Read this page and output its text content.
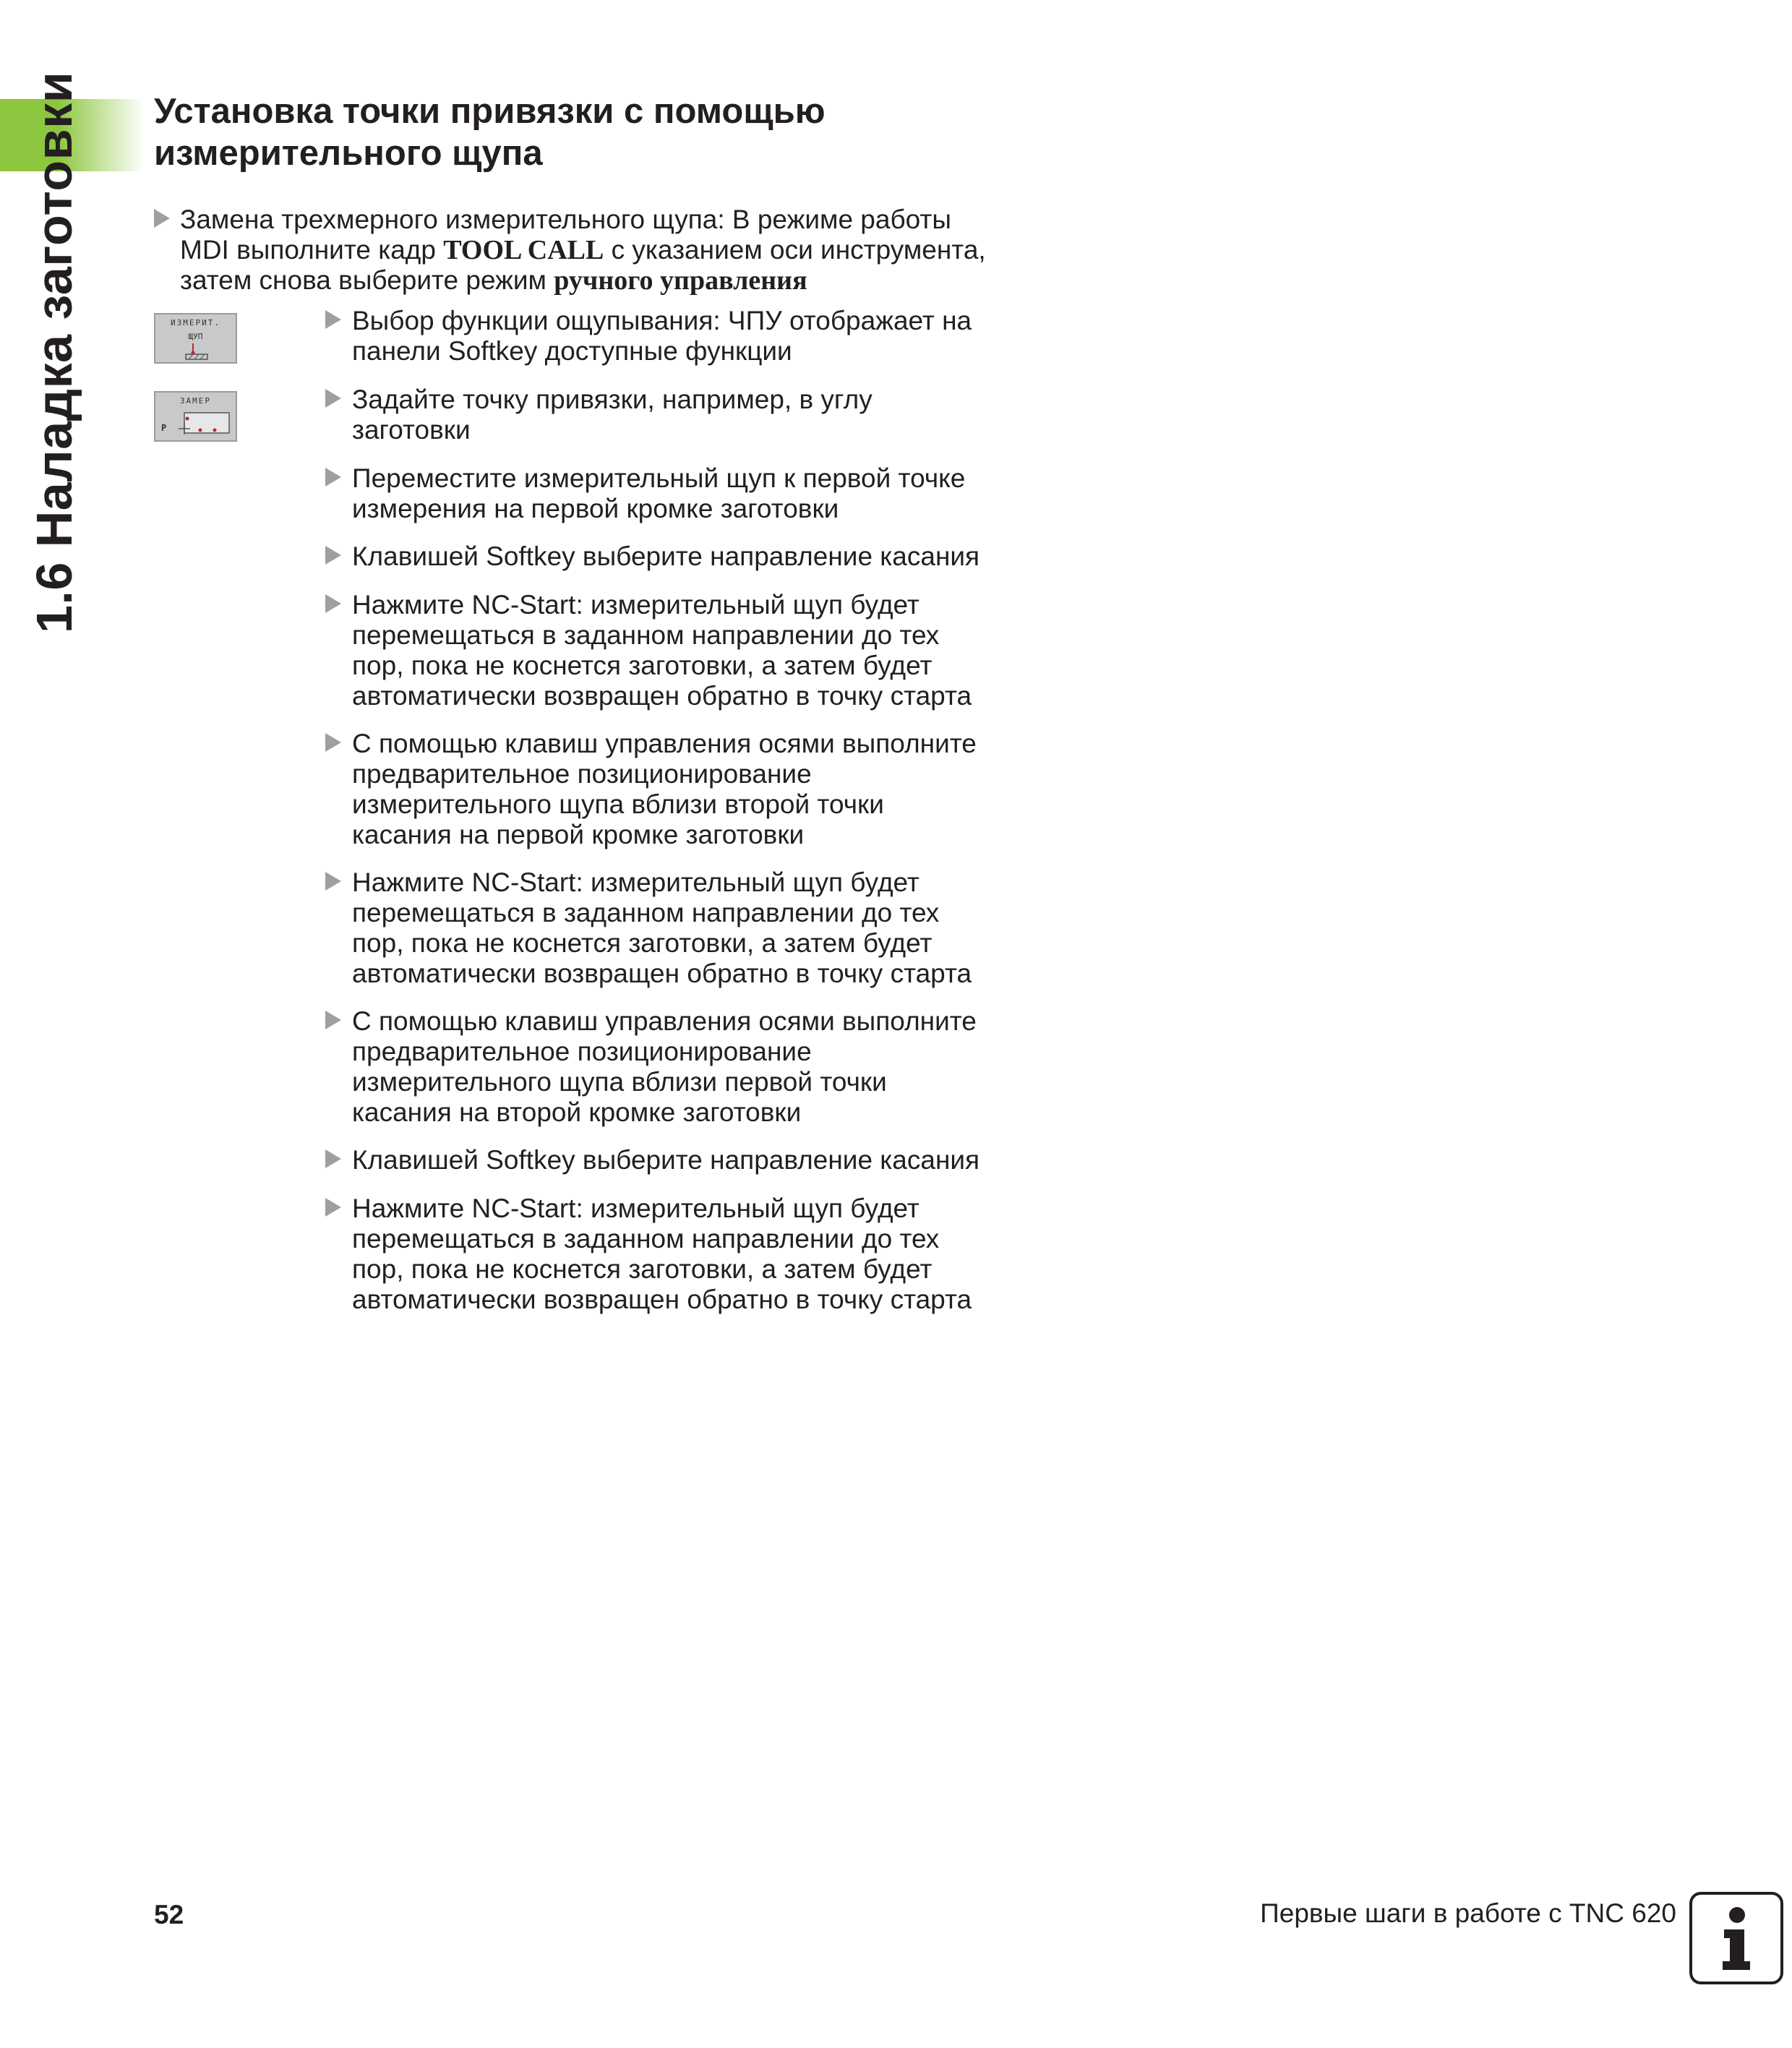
1.6 Наладка заготовки	Установка точки привязки с помощью
измерительного щупа
Замена трехмерного измерительного щупа: В режиме работы
MDI выполните кадр TOOL CALL с указанием оси инструмента,
затем снова выберите режим ручного управления
ИЗМЕРИТ.
ЩУП
ЗАМЕР
P
Выбор функции ощупывания: ЧПУ отображает на
панели Softkey доступные функции
Задайте точку привязки, например, в углу
заготовки
Переместите измерительный щуп к первой точке
измерения на первой кромке заготовки
Клавишей Softkey выберите направление касания
Нажмите NC-Start: измерительный щуп будет
перемещаться в заданном направлении до тех
пор, пока не коснется заготовки, а затем будет
автоматически возвращен обратно в точку старта
С помощью клавиш управления осями выполните
предварительное позиционирование
измерительного щупа вблизи второй точки
касания на первой кромке заготовки
Нажмите NC-Start: измерительный щуп будет
перемещаться в заданном направлении до тех
пор, пока не коснется заготовки, а затем будет
автоматически возвращен обратно в точку старта
С помощью клавиш управления осями выполните
предварительное позиционирование
измерительного щупа вблизи первой точки
касания на второй кромке заготовки
Клавишей Softkey выберите направление касания
Нажмите NC-Start: измерительный щуп будет
перемещаться в заданном направлении до тех
пор, пока не коснется заготовки, а затем будет
автоматически возвращен обратно в точку старта
52	Первые шаги в работе с TNC 620
